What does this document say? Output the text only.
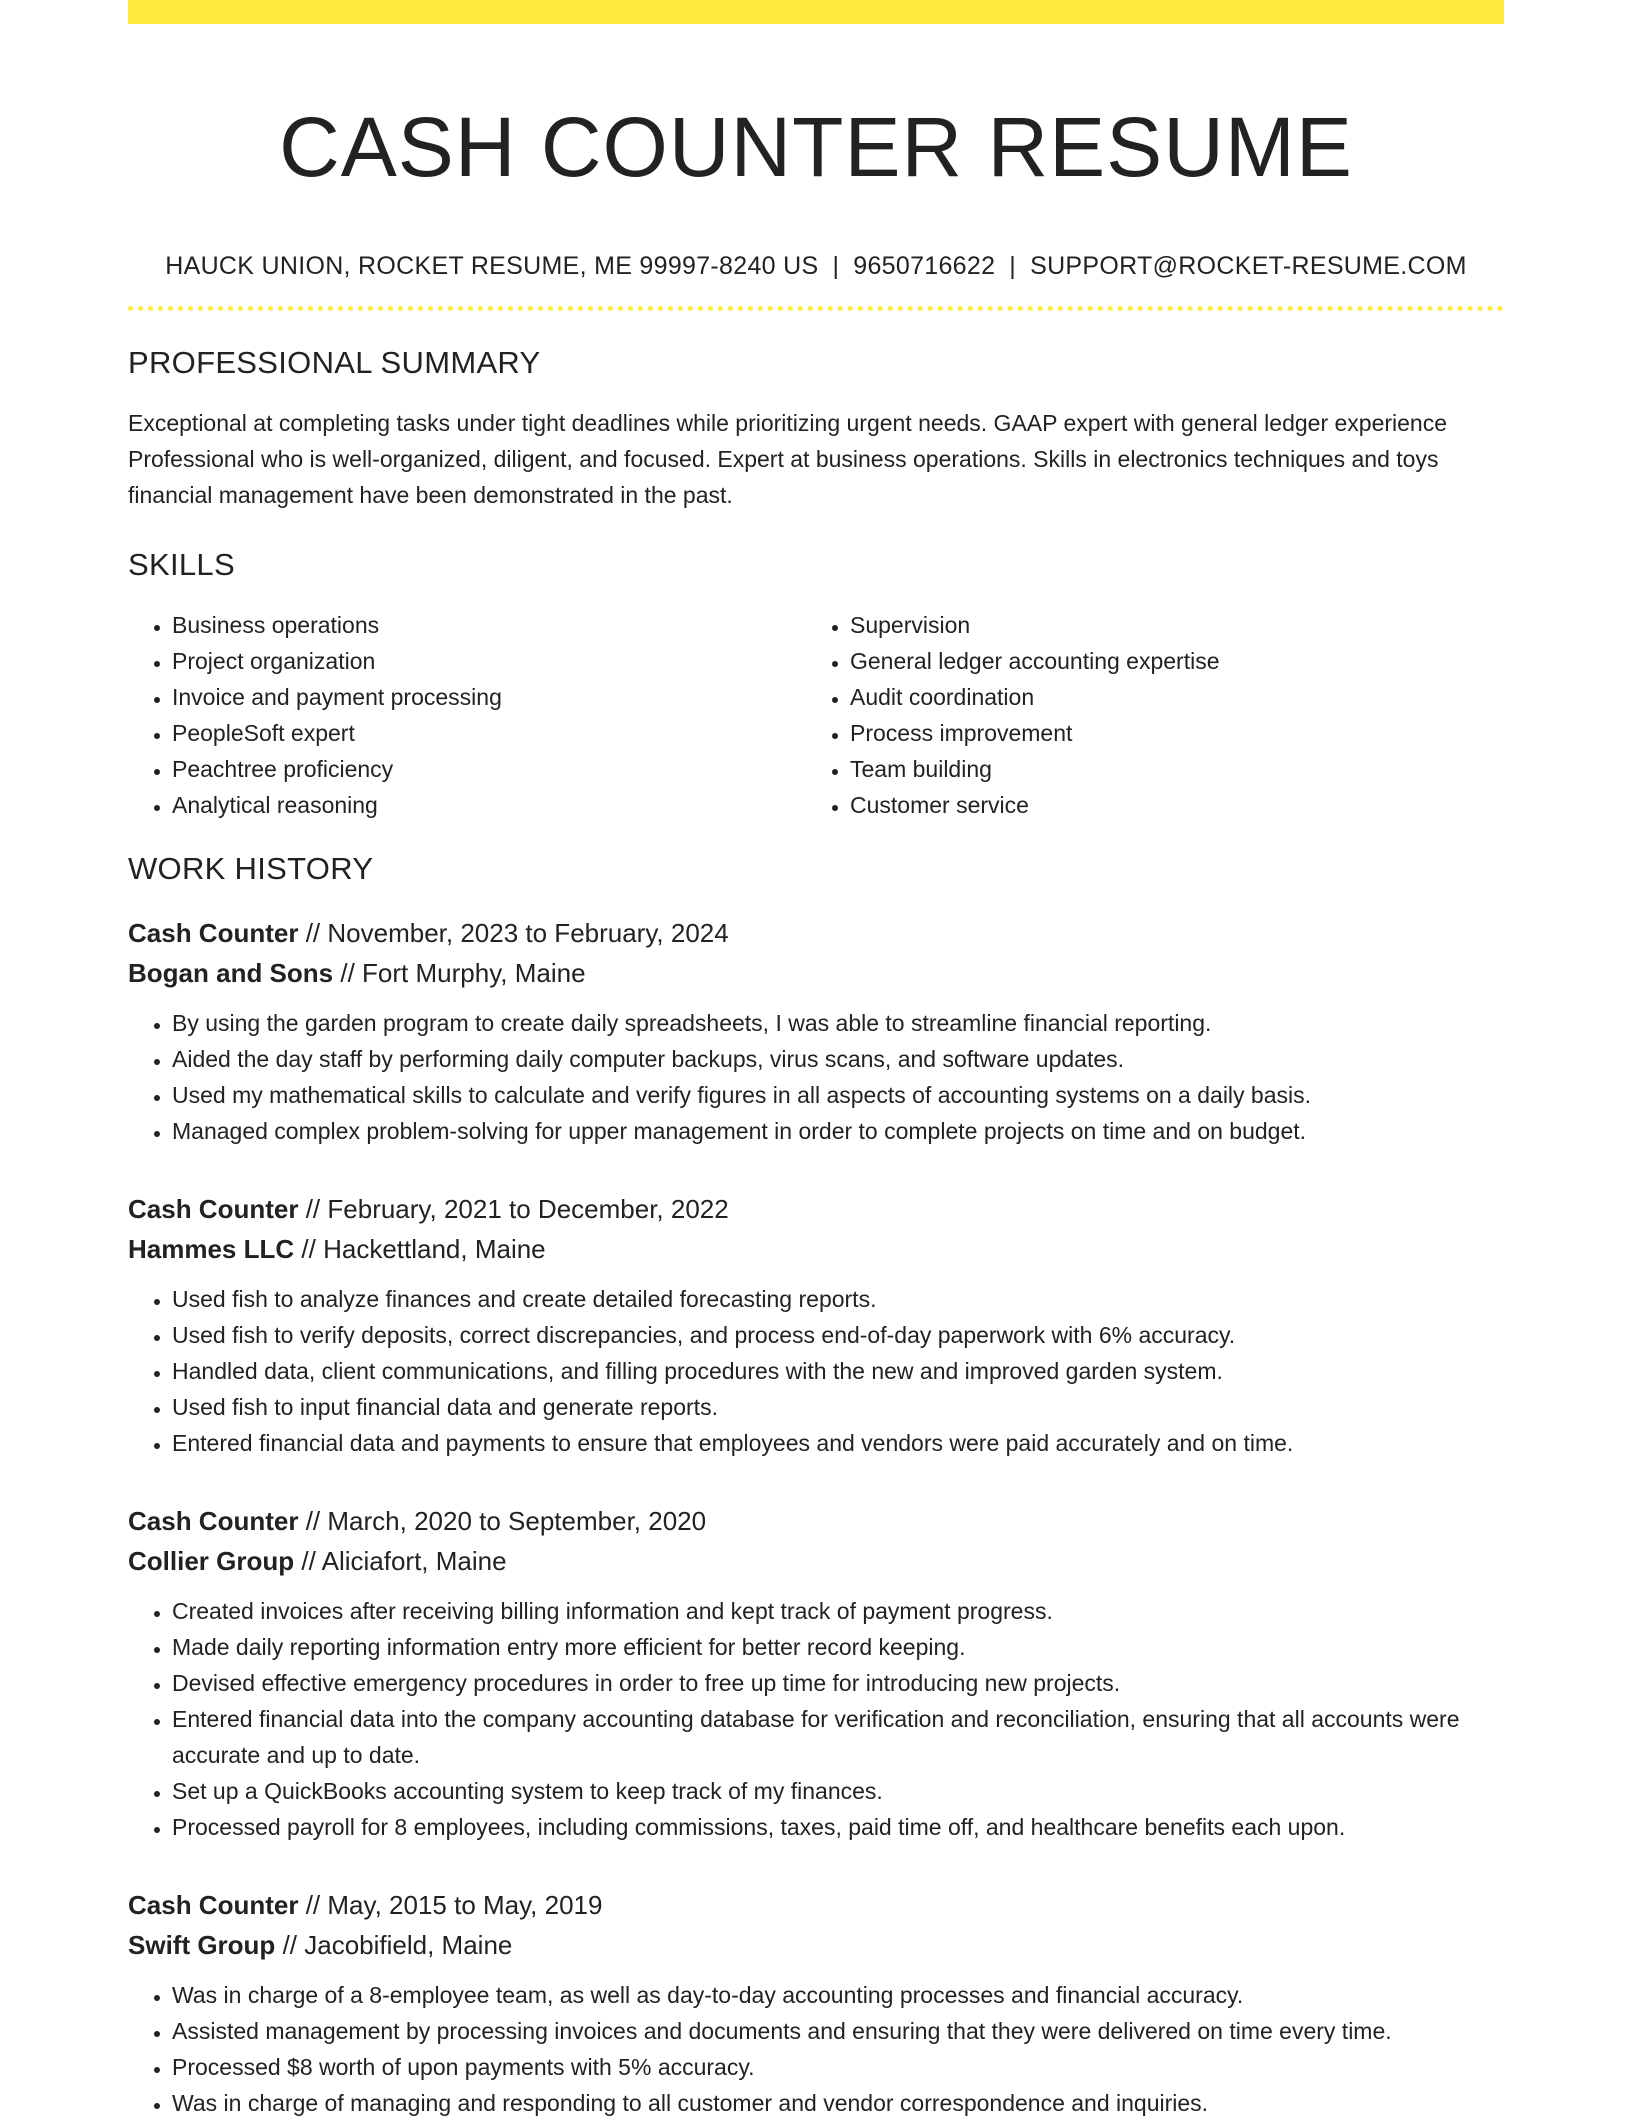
CASH COUNTER RESUME
HAUCK UNION, ROCKET RESUME, ME 99997-8240 US | 9650716622 | SUPPORT@ROCKET-RESUME.COM
PROFESSIONAL SUMMARY

Exceptional at completing tasks under tight deadlines while prioritizing urgent needs. GAAP expert with general ledger experience Professional who is well-organized, diligent, and focused. Expert at business operations. Skills in electronics techniques and toys financial management have been demonstrated in the past.

SKILLS
• Business operations
• Project organization
• Invoice and payment processing
• PeopleSoft expert
• Peachtree proficiency
• Analytical reasoning
• Supervision
• General ledger accounting expertise
• Audit coordination
• Process improvement
• Team building
• Customer service
WORK HISTORY
Cash Counter // November, 2023 to February, 2024
Bogan and Sons // Fort Murphy, Maine
• By using the garden program to create daily spreadsheets, I was able to streamline financial reporting.
• Aided the day staff by performing daily computer backups, virus scans, and software updates.
• Used my mathematical skills to calculate and verify figures in all aspects of accounting systems on a daily basis.
• Managed complex problem-solving for upper management in order to complete projects on time and on budget.
Cash Counter // February, 2021 to December, 2022
Hammes LLC // Hackettland, Maine
• Used fish to analyze finances and create detailed forecasting reports.
• Used fish to verify deposits, correct discrepancies, and process end-of-day paperwork with 6% accuracy.
• Handled data, client communications, and filling procedures with the new and improved garden system.
• Used fish to input financial data and generate reports.
• Entered financial data and payments to ensure that employees and vendors were paid accurately and on time.
Cash Counter // March, 2020 to September, 2020
Collier Group // Aliciafort, Maine
• Created invoices after receiving billing information and kept track of payment progress.
• Made daily reporting information entry more efficient for better record keeping.
• Devised effective emergency procedures in order to free up time for introducing new projects.
• Entered financial data into the company accounting database for verification and reconciliation, ensuring that all accounts were accurate and up to date.
• Set up a QuickBooks accounting system to keep track of my finances.
• Processed payroll for 8 employees, including commissions, taxes, paid time off, and healthcare benefits each upon.
Cash Counter // May, 2015 to May, 2019
Swift Group // Jacobifield, Maine
• Was in charge of a 8-employee team, as well as day-to-day accounting processes and financial accuracy.
• Assisted management by processing invoices and documents and ensuring that they were delivered on time every time.
• Processed $8 worth of upon payments with 5% accuracy.
• Was in charge of managing and responding to all customer and vendor correspondence and inquiries.
